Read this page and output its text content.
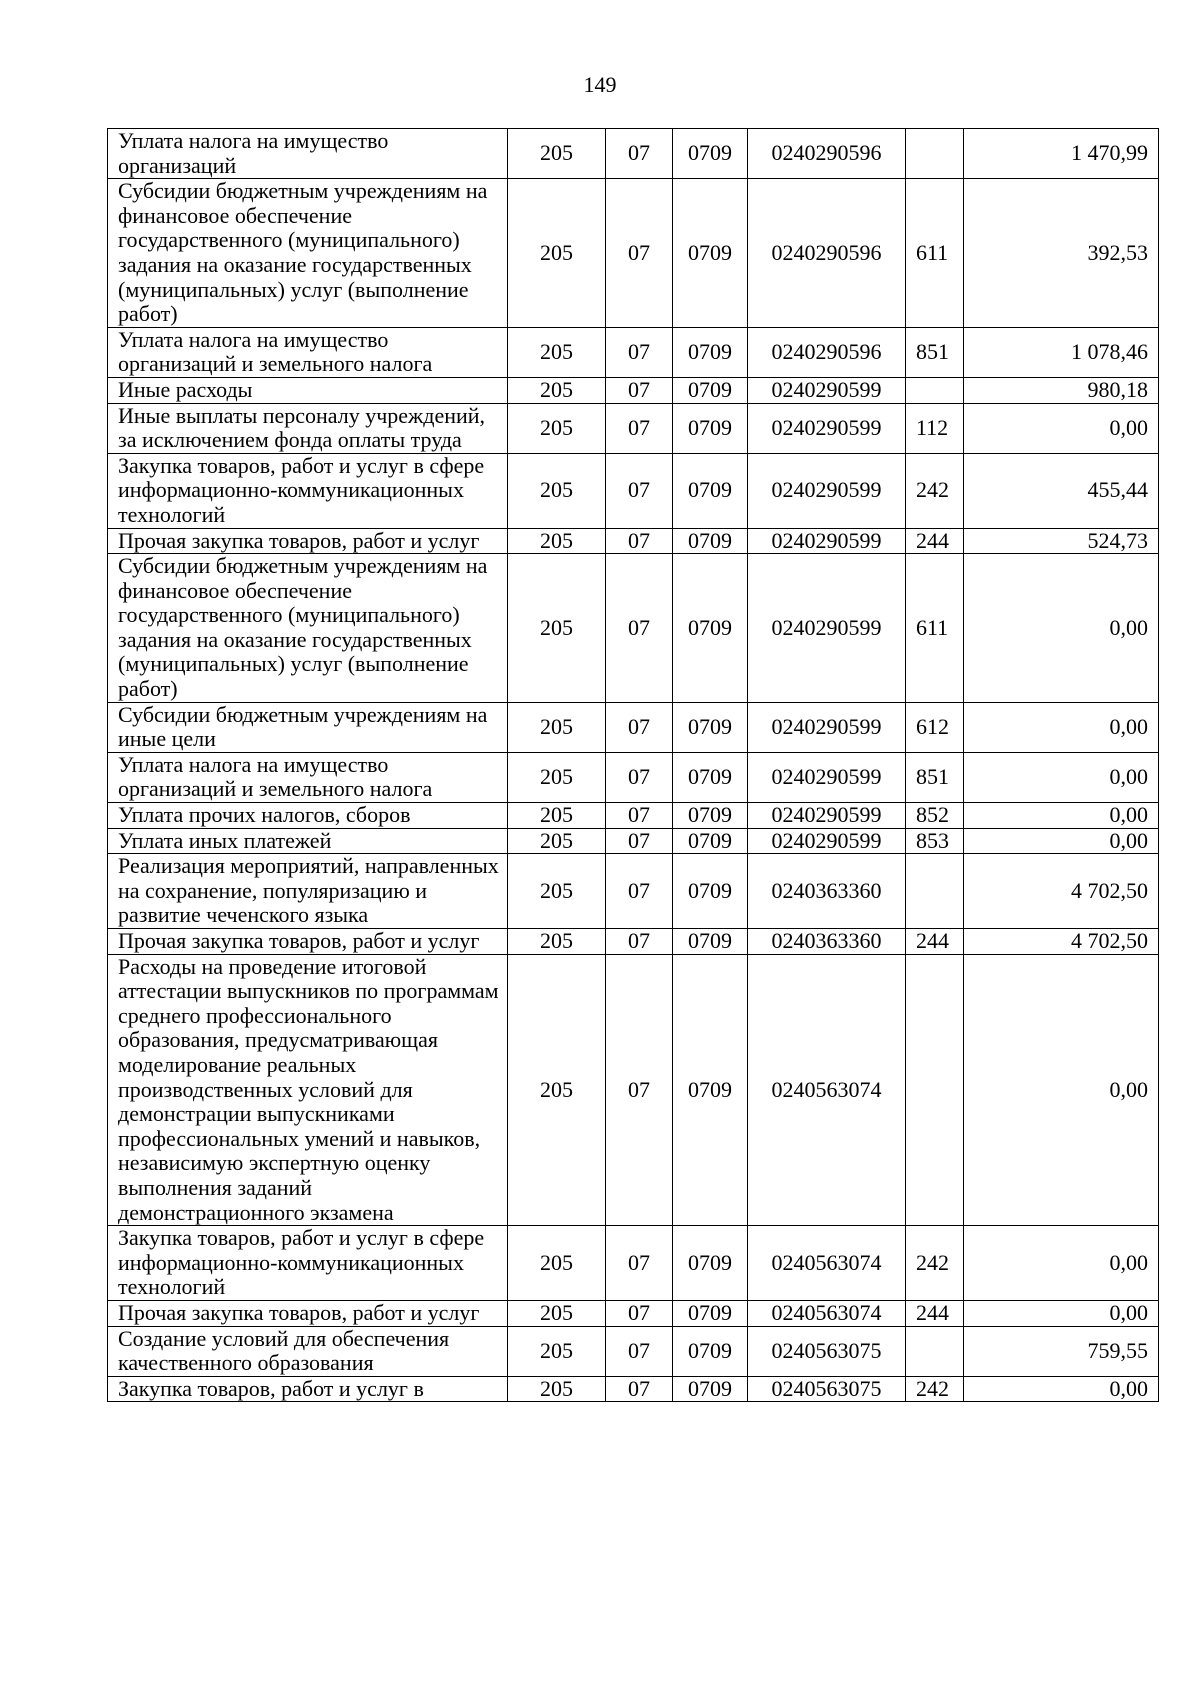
149
Уплата налога на имущество организаций	205	07	0709	0240290596		1 470,99
Субсидии бюджетным учреждениям на финансовое обеспечение государственного (муниципального) задания на оказание государственных (муниципальных) услуг (выполнение работ)	205	07	0709	0240290596	611	392,53
Уплата налога на имущество организаций и земельного налога	205	07	0709	0240290596	851	1 078,46
Иные расходы	205	07	0709	0240290599		980,18
Иные выплаты персоналу учреждений, за исключением фонда оплаты труда	205	07	0709	0240290599	112	0,00
Закупка товаров, работ и услуг в сфере информационно-коммуникационных технологий	205	07	0709	0240290599	242	455,44
Прочая закупка товаров, работ и услуг	205	07	0709	0240290599	244	524,73
Субсидии бюджетным учреждениям на финансовое обеспечение государственного (муниципального) задания на оказание государственных (муниципальных) услуг (выполнение работ)	205	07	0709	0240290599	611	0,00
Субсидии бюджетным учреждениям на иные цели	205	07	0709	0240290599	612	0,00
Уплата налога на имущество организаций и земельного налога	205	07	0709	0240290599	851	0,00
Уплата прочих налогов, сборов	205	07	0709	0240290599	852	0,00
Уплата иных платежей	205	07	0709	0240290599	853	0,00
Реализация мероприятий, направленных на сохранение, популяризацию и развитие чеченского языка	205	07	0709	0240363360		4 702,50
Прочая закупка товаров, работ и услуг	205	07	0709	0240363360	244	4 702,50
Расходы на проведение итоговой аттестации выпускников по программам среднего профессионального образования, предусматривающая моделирование реальных производственных условий для демонстрации выпускниками профессиональных умений и навыков, независимую экспертную оценку выполнения заданий демонстрационного экзамена	205	07	0709	0240563074		0,00
Закупка товаров, работ и услуг в сфере информационно-коммуникационных технологий	205	07	0709	0240563074	242	0,00
Прочая закупка товаров, работ и услуг	205	07	0709	0240563074	244	0,00
Создание условий для обеспечения качественного образования	205	07	0709	0240563075		759,55
Закупка товаров, работ и услуг в	205	07	0709	0240563075	242	0,00
